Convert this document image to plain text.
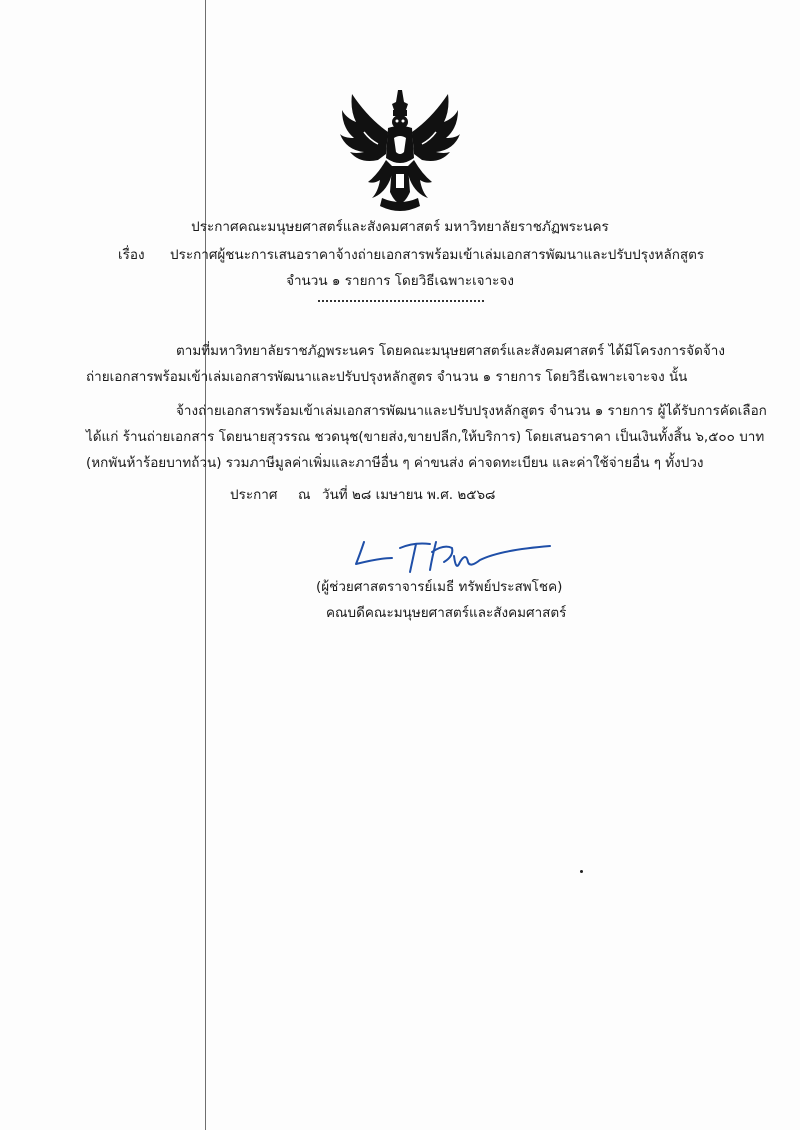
ประกาศคณะมนุษยศาสตร์และสังคมศาสตร์ มหาวิทยาลัยราชภัฏพระนคร
เรื่อง ประกาศผู้ชนะการเสนอราคาจ้างถ่ายเอกสารพร้อมเข้าเล่มเอกสารพัฒนาและปรับปรุงหลักสูตร
จำนวน ๑ รายการ โดยวิธีเฉพาะเจาะจง
ตามที่มหาวิทยาลัยราชภัฏพระนคร โดยคณะมนุษยศาสตร์และสังคมศาสตร์ ได้มีโครงการจัดจ้าง
ถ่ายเอกสารพร้อมเข้าเล่มเอกสารพัฒนาและปรับปรุงหลักสูตร จำนวน ๑ รายการ โดยวิธีเฉพาะเจาะจง นั้น
จ้างถ่ายเอกสารพร้อมเข้าเล่มเอกสารพัฒนาและปรับปรุงหลักสูตร จำนวน ๑ รายการ ผู้ได้รับการคัดเลือก
ได้แก่ ร้านถ่ายเอกสาร โดยนายสุวรรณ ชวดนุช(ขายส่ง,ขายปลีก,ให้บริการ) โดยเสนอราคา เป็นเงินทั้งสิ้น ๖,๕๐๐ บาท
(หกพันห้าร้อยบาทถ้วน) รวมภาษีมูลค่าเพิ่มและภาษีอื่น ๆ ค่าขนส่ง ค่าจดทะเบียน และค่าใช้จ่ายอื่น ๆ ทั้งปวง
ประกาศ ณ วันที่ ๒๘ เมษายน พ.ศ. ๒๕๖๘
(ผู้ช่วยศาสตราจารย์เมธี ทรัพย์ประสพโชค)
คณบดีคณะมนุษยศาสตร์และสังคมศาสตร์
